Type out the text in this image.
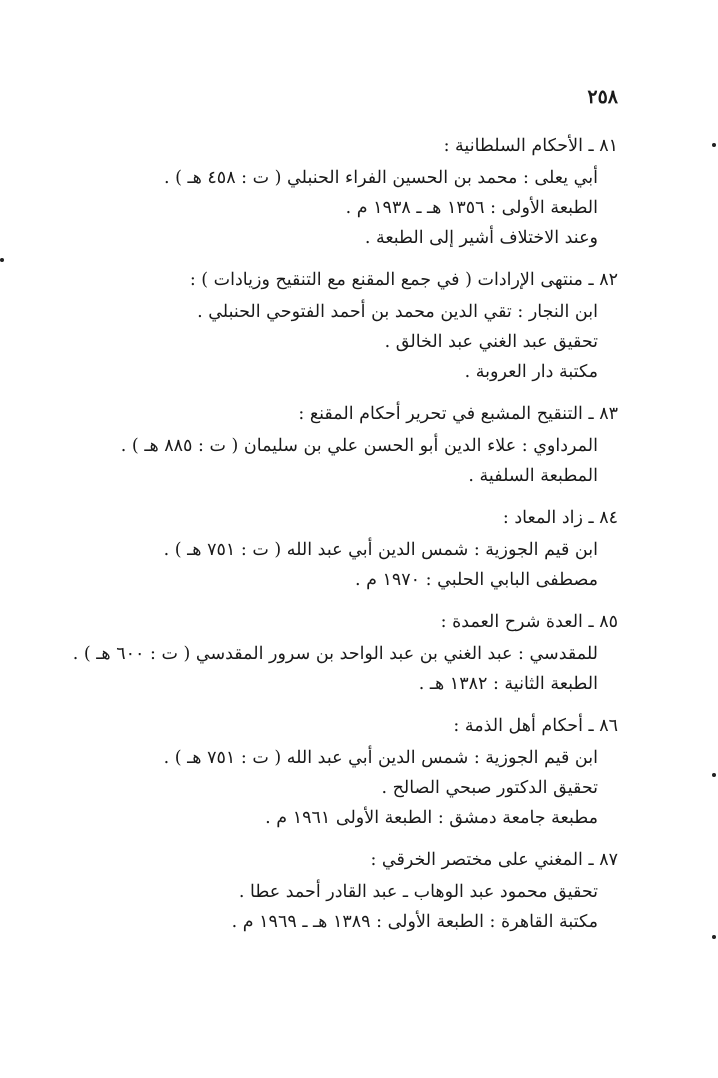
٢٥٨
٨١ ـ الأحكام السلطانية :
أبي يعلى : محمد بن الحسين الفراء الحنبلي ( ت : ٤٥٨ هـ ) .
الطبعة الأولى : ١٣٥٦ هـ ـ ١٩٣٨ م .
وعند الاختلاف أشير إلى الطبعة .
٨٢ ـ منتهى الإرادات ( في جمع المقنع مع التنقيح وزيادات ) :
ابن النجار : تقي الدين محمد بن أحمد الفتوحي الحنبلي .
تحقيق عبد الغني عبد الخالق .
مكتبة دار العروبة .
٨٣ ـ التنقيح المشبع في تحرير أحكام المقنع :
المرداوي : علاء الدين أبو الحسن علي بن سليمان ( ت : ٨٨٥ هـ ) .
المطبعة السلفية .
٨٤ ـ زاد المعاد :
ابن قيم الجوزية : شمس الدين أبي عبد الله ( ت : ٧٥١ هـ ) .
مصطفى البابي الحلبي : ١٩٧٠ م .
٨٥ ـ العدة شرح العمدة :
للمقدسي : عبد الغني بن عبد الواحد بن سرور المقدسي ( ت : ٦٠٠ هـ ) .
الطبعة الثانية : ١٣٨٢ هـ .
٨٦ ـ أحكام أهل الذمة :
ابن قيم الجوزية : شمس الدين أبي عبد الله ( ت : ٧٥١ هـ ) .
تحقيق الدكتور صبحي الصالح .
مطبعة جامعة دمشق : الطبعة الأولى ١٩٦١ م .
٨٧ ـ المغني على مختصر الخرقي :
تحقيق محمود عبد الوهاب ـ عبد القادر أحمد عطا .
مكتبة القاهرة : الطبعة الأولى : ١٣٨٩ هـ ـ ١٩٦٩ م .
